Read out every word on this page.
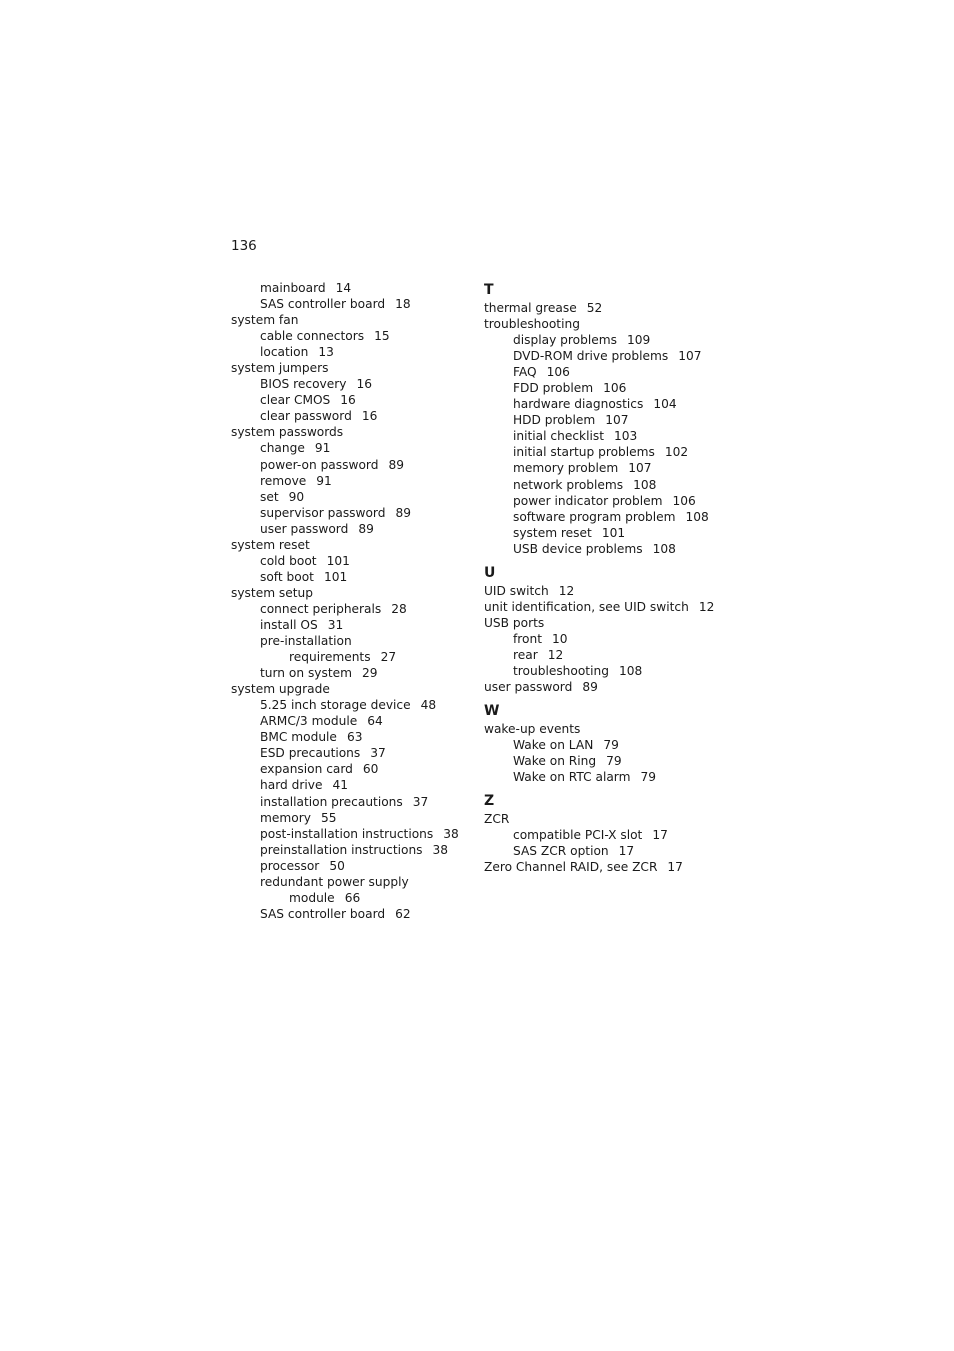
136
mainboard 14
SAS controller board 18
system fan
cable connectors 15
location 13
system jumpers
BIOS recovery 16
clear CMOS 16
clear password 16
system passwords
change 91
power-on password 89
remove 91
set 90
supervisor password 89
user password 89
system reset
cold boot 101
soft boot 101
system setup
connect peripherals 28
install OS 31
pre-installation
requirements 27
turn on system 29
system upgrade
5.25 inch storage device 48
ARMC/3 module 64
BMC module 63
ESD precautions 37
expansion card 60
hard drive 41
installation precautions 37
memory 55
post-installation instructions 38
preinstallation instructions 38
processor 50
redundant power supply
module 66
SAS controller board 62
T
thermal grease 52
troubleshooting
display problems 109
DVD-ROM drive problems 107
FAQ 106
FDD problem 106
hardware diagnostics 104
HDD problem 107
initial checklist 103
initial startup problems 102
memory problem 107
network problems 108
power indicator problem 106
software program problem 108
system reset 101
USB device problems 108
U
UID switch 12
unit identification, see UID switch 12
USB ports
front 10
rear 12
troubleshooting 108
user password 89
W
wake-up events
Wake on LAN 79
Wake on Ring 79
Wake on RTC alarm 79
Z
ZCR
compatible PCI-X slot 17
SAS ZCR option 17
Zero Channel RAID, see ZCR 17
